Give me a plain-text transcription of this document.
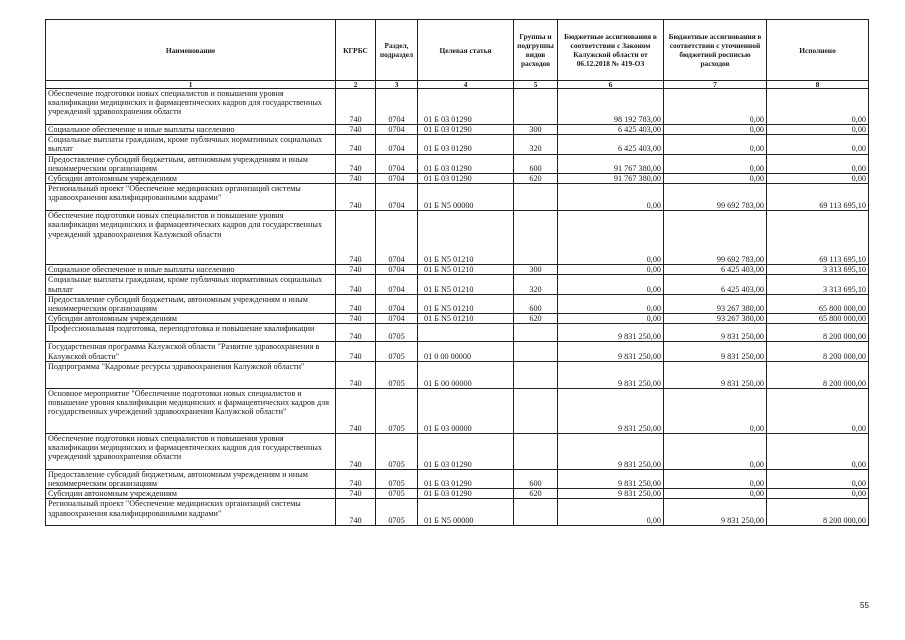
Наименование	КГРБС	Раздел, подраздел	Целевая статья	Группы и подгруппы видов расходов	Бюджетные ассигнования в соответствии с Законом Калужской области от 06.12.2018 № 419-ОЗ	Бюджетные ассигнования в соответствии с уточненной бюджетной росписью расходов	Исполнено
1	2	3	4	5	6	7	8
Обеспечение подготовки новых специалистов и повышения уровня квалификации медицинских и фармацевтических кадров для государственных учреждений здравоохранения области	740	0704	01 Б 03 01290		98 192 783,00	0,00	0,00
Социальное обеспечение и иные выплаты населению	740	0704	01 Б 03 01290	300	6 425 403,00	0,00	0,00
Социальные выплаты гражданам, кроме публичных нормативных социальных выплат	740	0704	01 Б 03 01290	320	6 425 403,00	0,00	0,00
Предоставление субсидий бюджетным, автономным учреждениям и иным некоммерческим организациям	740	0704	01 Б 03 01290	600	91 767 380,00	0,00	0,00
Субсидии автономным учреждениям	740	0704	01 Б 03 01290	620	91 767 380,00	0,00	0,00
Региональный проект "Обеспечение медицинских организаций системы здравоохранения квалифицированными кадрами"	740	0704	01 Б N5 00000		0,00	99 692 783,00	69 113 695,10
Обеспечение подготовки новых специалистов и повышение уровня квалификации медицинских и фармацевтических кадров для государственных учреждений здравоохранения Калужской области	740	0704	01 Б N5 01210		0,00	99 692 783,00	69 113 695,10
Социальное обеспечение и иные выплаты населению	740	0704	01 Б N5 01210	300	0,00	6 425 403,00	3 313 695,10
Социальные выплаты гражданам, кроме публичных нормативных социальных выплат	740	0704	01 Б N5 01210	320	0,00	6 425 403,00	3 313 695,10
Предоставление субсидий бюджетным, автономным учреждениям и иным некоммерческим организациям	740	0704	01 Б N5 01210	600	0,00	93 267 380,00	65 800 000,00
Субсидии автономным учреждениям	740	0704	01 Б N5 01210	620	0,00	93 267 380,00	65 800 000,00
Профессиональная подготовка, переподготовка и повышение квалификации	740	0705			9 831 250,00	9 831 250,00	8 200 000,00
Государственная программа Калужской области "Развитие здравоохранения в Калужской области"	740	0705	01 0 00 00000		9 831 250,00	9 831 250,00	8 200 000,00
Подпрограмма "Кадровые ресурсы здравоохранения Калужской области"	740	0705	01 Б 00 00000		9 831 250,00	9 831 250,00	8 200 000,00
Основное мероприятие "Обеспечение подготовки новых специалистов и повышение уровня квалификации медицинских и фармацевтических кадров для государственных учреждений здравоохранения Калужской области"	740	0705	01 Б 03 00000		9 831 250,00	0,00	0,00
Обеспечение подготовки новых специалистов и повышения уровня квалификации медицинских и фармацевтических кадров для государственных учреждений здравоохранения области	740	0705	01 Б 03 01290		9 831 250,00	0,00	0,00
Предоставление субсидий бюджетным, автономным учреждениям и иным некоммерческим организациям	740	0705	01 Б 03 01290	600	9 831 250,00	0,00	0,00
Субсидии автономным учреждениям	740	0705	01 Б 03 01290	620	9 831 250,00	0,00	0,00
Региональный проект "Обеспечение медицинских организаций системы здравоохранения квалифицированными кадрами"	740	0705	01 Б N5 00000		0,00	9 831 250,00	8 200 000,00
55
